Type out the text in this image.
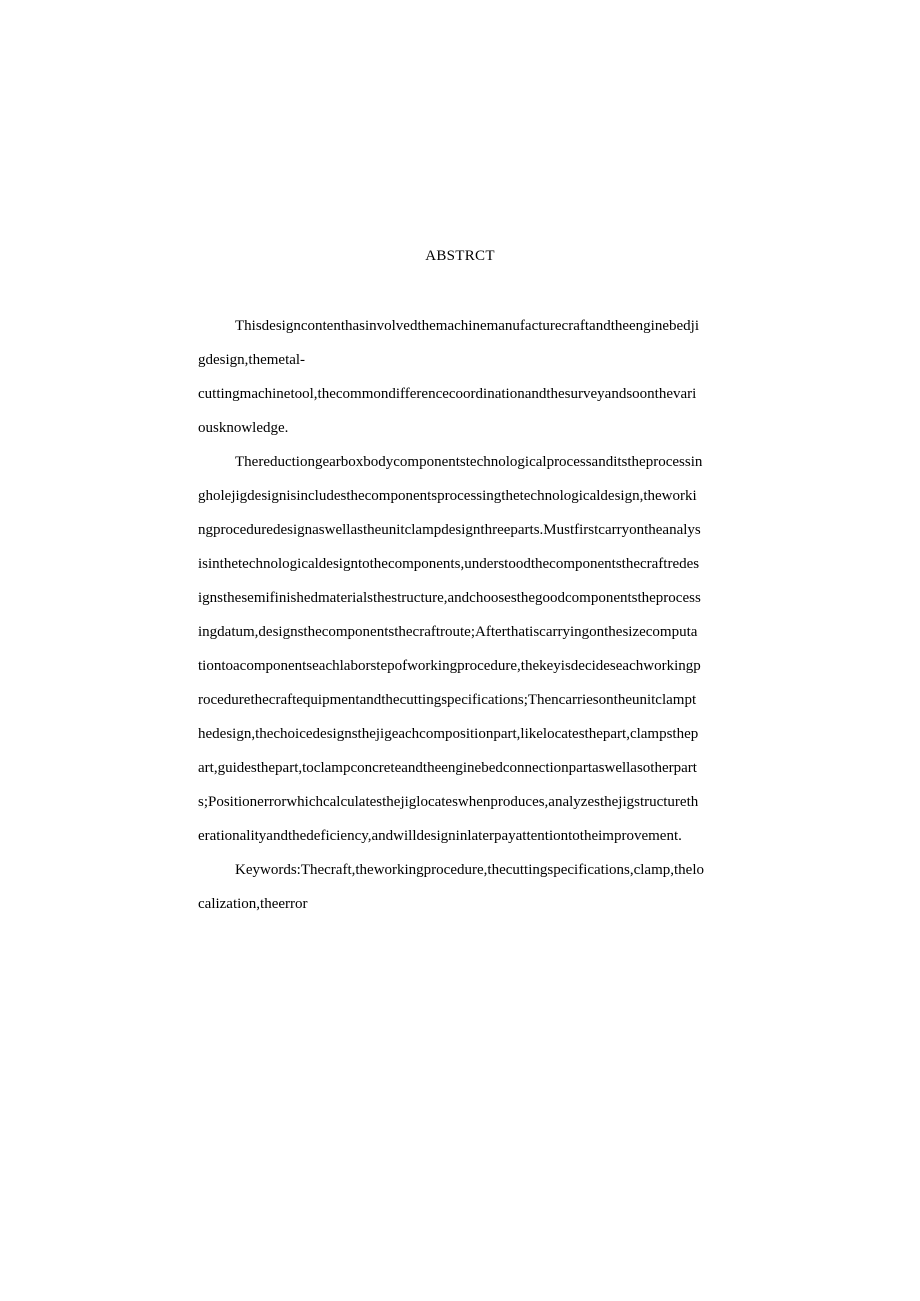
ABSTRCT
Thisdesigncontenthasinvolvedthemachinemanufacturecraftandtheenginebedji
gdesign,themetal-
cuttingmachinetool,thecommondifferencecoordinationandthesurveyandsoonthevari
ousknowledge.
Thereductiongearboxbodycomponentstechnologicalprocessanditstheprocessin
gholejigdesignisincludesthecomponentsprocessingthetechnologicaldesign,theworki
ngproceduredesignaswellastheunitclampdesignthreeparts.Mustfirstcarryontheanalys
isinthetechnologicaldesigntothecomponents,understoodthecomponentsthecraftredes
ignsthesemifinishedmaterialsthestructure,andchoosesthegoodcomponentstheprocess
ingdatum,designsthecomponentsthecraftroute;Afterthatiscarryingonthesizecomputa
tiontoacomponentseachlaborstepofworkingprocedure,thekeyisdecideseachworkingp
rocedurethecraftequipmentandthecuttingspecifications;Thencarriesontheunitclampt
hedesign,thechoicedesignsthejigeachcompositionpart,likelocatesthepart,clampsthep
art,guidesthepart,toclampconcreteandtheenginebedconnectionpartaswellasotherpart
s;Positionerrorwhichcalculatesthejiglocateswhenproduces,analyzesthejigstructureth
erationalityandthedeficiency,andwilldesigninlaterpayattentiontotheimprovement.
Keywords:Thecraft,theworkingprocedure,thecuttingspecifications,clamp,thelo
calization,theerror
